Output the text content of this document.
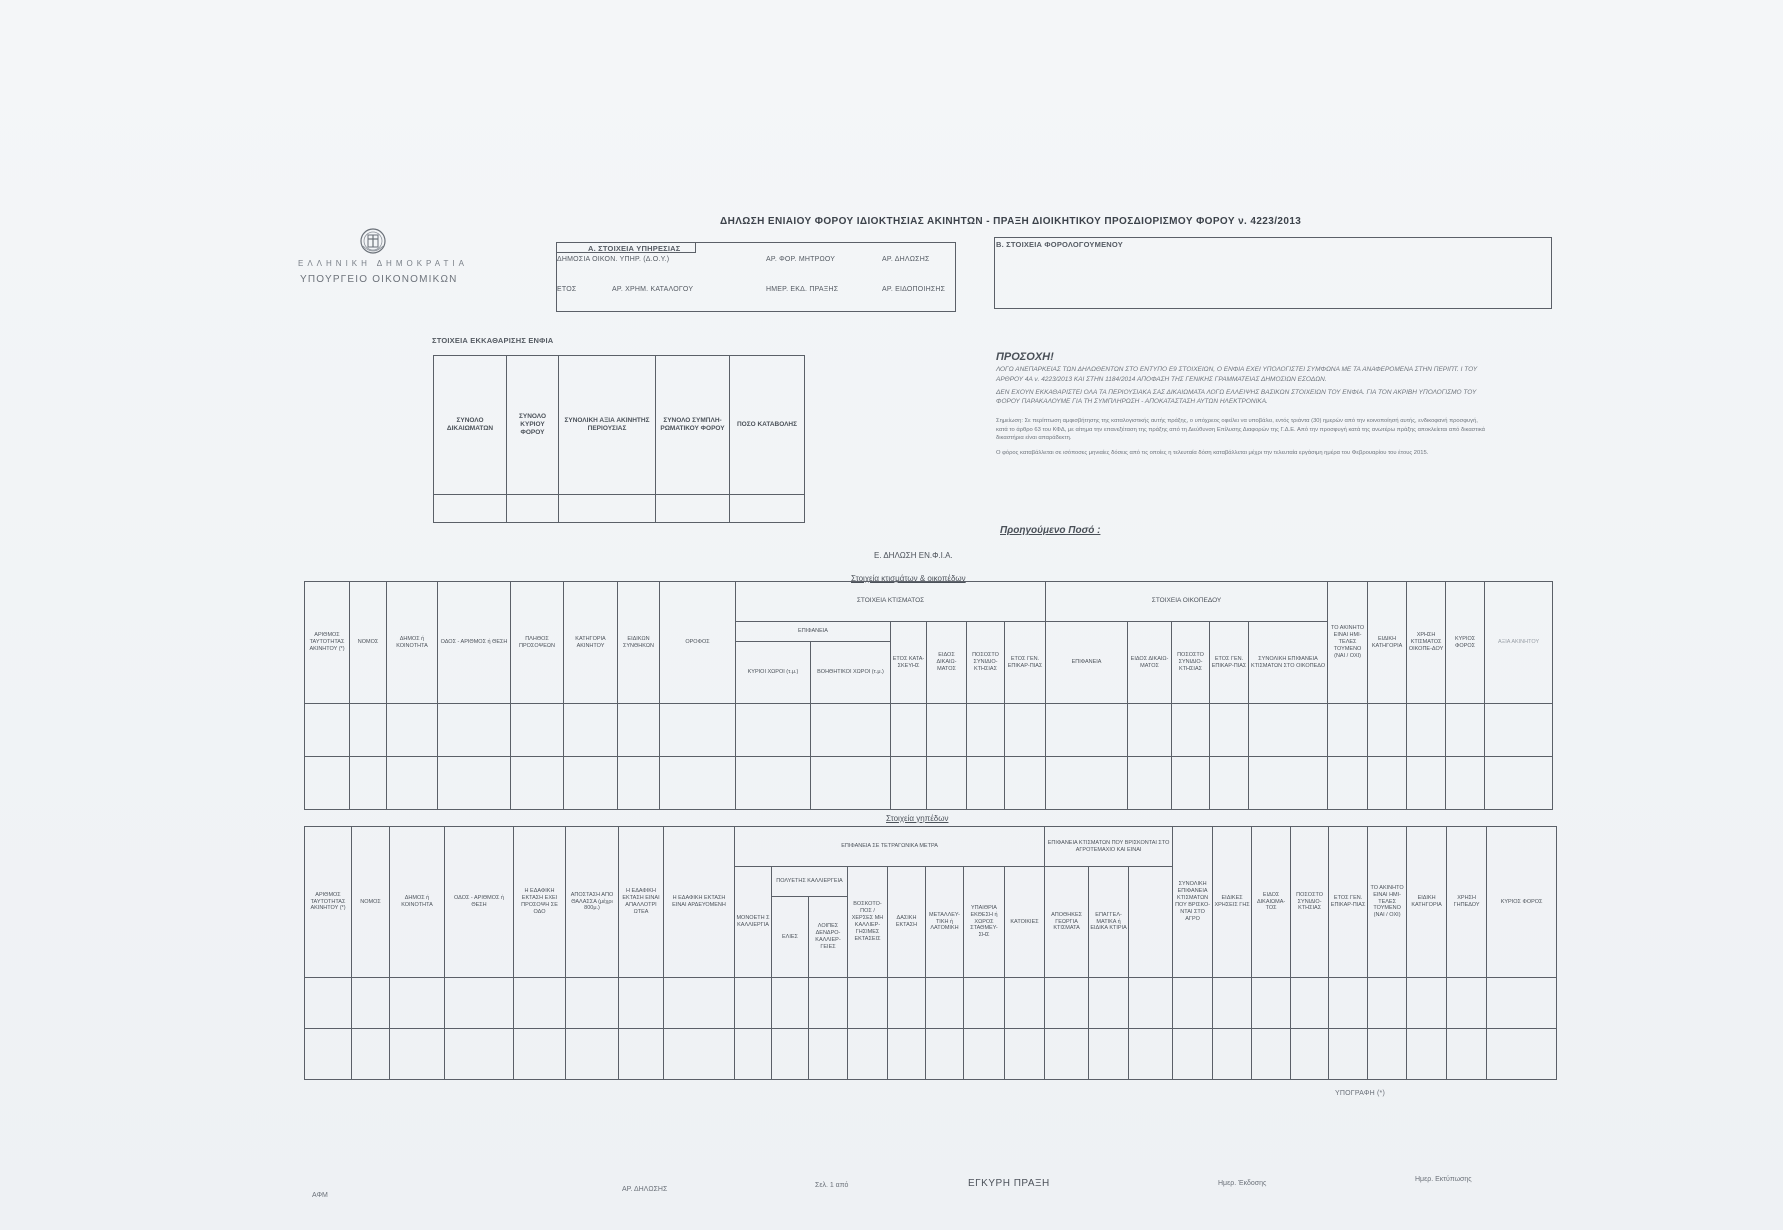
ΕΛΛΗΝΙΚΗ ΔΗΜΟΚΡΑΤΙΑ
ΥΠΟΥΡΓΕΙΟ ΟΙΚΟΝΟΜΙΚΩΝ
ΔΗΛΩΣΗ ΕΝΙΑΙΟΥ ΦΟΡΟΥ ΙΔΙΟΚΤΗΣΙΑΣ ΑΚΙΝΗΤΩΝ - ΠΡΑΞΗ ΔΙΟΙΚΗΤΙΚΟΥ ΠΡΟΣΔΙΟΡΙΣΜΟΥ ΦΟΡΟΥ ν. 4223/2013
Α. ΣΤΟΙΧΕΙΑ ΥΠΗΡΕΣΙΑΣ
ΔΗΜΟΣΙΑ ΟΙΚΟΝ. ΥΠΗΡ. (Δ.Ο.Υ.)	ΑΡ. ΦΟΡ. ΜΗΤΡΩΟΥ	ΑΡ. ΔΗΛΩΣΗΣ
ΕΤΟΣ	ΑΡ. ΧΡΗΜ. ΚΑΤΑΛΟΓΟΥ	ΗΜΕΡ. ΕΚΔ. ΠΡΑΞΗΣ	ΑΡ. ΕΙΔΟΠΟΙΗΣΗΣ
Β. ΣΤΟΙΧΕΙΑ ΦΟΡΟΛΟΓΟΥΜΕΝΟΥ
ΣΤΟΙΧΕΙΑ ΕΚΚΑΘΑΡΙΣΗΣ ΕΝΦΙΑ
ΣΥΝΟΛΟ ΔΙΚΑΙΩΜΑΤΩΝ	ΣΥΝΟΛΟ ΚΥΡΙΟΥ ΦΟΡΟΥ	ΣΥΝΟΛΙΚΗ ΑΞΙΑ ΑΚΙΝΗΤΗΣ ΠΕΡΙΟΥΣΙΑΣ	ΣΥΝΟΛΟ ΣΥΜΠΛΗ-ΡΩΜΑΤΙΚΟΥ ΦΟΡΟΥ	ΠΟΣΟ ΚΑΤΑΒΟΛΗΣ

ΠΡΟΣΟΧΗ!

ΛΟΓΩ ΑΝΕΠΑΡΚΕΙΑΣ ΤΩΝ ΔΗΛΩΘΕΝΤΩΝ ΣΤΟ ΕΝΤΥΠΟ Ε9 ΣΤΟΙΧΕΙΩΝ, Ο ΕΝΦΙΑ ΕΧΕΙ ΥΠΟΛΟΓΙΣΤΕΙ ΣΥΜΦΩΝΑ ΜΕ ΤΑ ΑΝΑΦΕΡΟΜΕΝΑ ΣΤΗΝ ΠΕΡΙΠΤ. Ι ΤΟΥ ΑΡΘΡΟΥ 4Α ν. 4223/2013 ΚΑΙ ΣΤΗΝ 1184/2014 ΑΠΟΦΑΣΗ ΤΗΣ ΓΕΝΙΚΗΣ ΓΡΑΜΜΑΤΕΙΑΣ ΔΗΜΟΣΙΩΝ ΕΣΟΔΩΝ.

ΔΕΝ ΕΧΟΥΝ ΕΚΚΑΘΑΡΙΣΤΕΙ ΟΛΑ ΤΑ ΠΕΡΙΟΥΣΙΑΚΑ ΣΑΣ ΔΙΚΑΙΩΜΑΤΑ ΛΟΓΩ ΕΛΛΕΙΨΗΣ ΒΑΣΙΚΩΝ ΣΤΟΙΧΕΙΩΝ ΤΟΥ ΕΝΦΙΑ. ΓΙΑ ΤΟΝ ΑΚΡΙΒΗ ΥΠΟΛΟΓΙΣΜΟ ΤΟΥ ΦΟΡΟΥ ΠΑΡΑΚΑΛΟΥΜΕ ΓΙΑ ΤΗ ΣΥΜΠΛΗΡΩΣΗ - ΑΠΟΚΑΤΑΣΤΑΣΗ ΑΥΤΩΝ ΗΛΕΚΤΡΟΝΙΚΑ.

Σημείωση: Σε περίπτωση αμφισβήτησης της καταλογιστικής αυτής πράξης, ο υπόχρεος οφείλει να υποβάλει, εντός τριάντα (30) ημερών από την κοινοποίησή αυτής, ενδικοφανή προσφυγή, κατά το άρθρο 63 του ΚΦΔ, με αίτημα την επανεξέταση της πράξης από τη Διεύθυνση Επίλυσης Διαφορών της Γ.Δ.Ε. Από την προσφυγή κατά της ανωτέρω πράξης αποκλείεται από δικαστικά δικαστήρια είναι απαράδεκτη.

Ο φόρος καταβάλλεται σε ισόποσες μηνιαίες δόσεις από τις οποίες η τελευταία δόση καταβάλλεται μέχρι την τελευταία εργάσιμη ημέρα του Φεβρουαρίου του έτους 2015.

Προηγούμενο Ποσό :
Ε. ΔΗΛΩΣΗ ΕΝ.Φ.Ι.Α.
Στοιχεία κτισμάτων & οικοπέδων
ΑΡΙΘΜΟΣ ΤΑΥΤΟΤΗΤΑΣ ΑΚΙΝΗΤΟΥ (*)	ΝΟΜΟΣ	ΔΗΜΟΣ ή ΚΟΙΝΟΤΗΤΑ	ΟΔΟΣ - ΑΡΙΘΜΟΣ ή ΘΕΣΗ	ΠΛΗΘΟΣ ΠΡΟΣΟΨΕΩΝ	ΚΑΤΗΓΟΡΙΑ ΑΚΙΝΗΤΟΥ	ΕΙΔΙΚΩΝ ΣΥΝΘΗΚΩΝ	ΟΡΟΦΟΣ	ΣΤΟΙΧΕΙΑ ΚΤΙΣΜΑΤΟΣ						ΣΤΟΙΧΕΙΑ ΟΙΚΟΠΕΔΟΥ					ΤΟ ΑΚΙΝΗΤΟ ΕΙΝΑΙ ΗΜΙ-ΤΕΛΕΣ ΤΟΥΜΕΝΟ (ΝΑΙ / ΟΧΙ)	ΕΙΔΙΚΗ ΚΑΤΗΓΟΡΙΑ	ΧΡΗΣΗ ΚΤΙΣΜΑΤΟΣ ΟΙΚΟΠΕ-ΔΟΥ	ΚΥΡΙΟΣ ΦΟΡΟΣ	ΑΞΙΑ ΑΚΙΝΗΤΟΥ
								ΕΠΙΦΑΝΕΙΑ		ΕΤΟΣ ΚΑΤΑ-ΣΚΕΥΗΣ	ΕΙΔΟΣ ΔΙΚΑΙΩ-ΜΑΤΟΣ	ΠΟΣΟΣΤΟ ΣΥΝΙΔΙΟ-ΚΤΗΣΙΑΣ	ΕΤΟΣ ΓΕΝ. ΕΠΙΚΑΡ-ΠΙΑΣ	ΕΠΙΦΑΝΕΙΑ	ΕΙΔΟΣ ΔΙΚΑΙΩ-ΜΑΤΟΣ	ΠΟΣΟΣΤΟ ΣΥΝΙΔΙΟ-ΚΤΗΣΙΑΣ	ΕΤΟΣ ΓΕΝ. ΕΠΙΚΑΡ-ΠΙΑΣ	ΣΥΝΟΛΙΚΗ ΕΠΙΦΑΝΕΙΑ ΚΤΙΣΜΑΤΩΝ ΣΤΟ ΟΙΚΟΠΕΔΟ					
								ΚΥΡΙΟΙ ΧΩΡΟΙ (τ.μ.)	ΒΟΗΘΗΤΙΚΟΙ ΧΩΡΟΙ (τ.μ.)														

Στοιχεία γηπέδων
ΑΡΙΘΜΟΣ ΤΑΥΤΟΤΗΤΑΣ ΑΚΙΝΗΤΟΥ (*)	ΝΟΜΟΣ	ΔΗΜΟΣ ή ΚΟΙΝΟΤΗΤΑ	ΟΔΟΣ - ΑΡΙΘΜΟΣ ή ΘΕΣΗ	Η ΕΔΑΦΙΚΗ ΕΚΤΑΣΗ ΕΧΕΙ ΠΡΟΣΟΨΗ ΣΕ ΟΔΟ	ΑΠΟΣΤΑΣΗ ΑΠΟ ΘΑΛΑΣΣΑ (μέχρι 800μ.)	Η ΕΔΑΦΙΚΗ ΕΚΤΑΣΗ ΕΙΝΑΙ ΑΠΑΛΛΟΤΡΙ ΩΤΕΑ	Η ΕΔΑΦΙΚΗ ΕΚΤΑΣΗ ΕΙΝΑΙ ΑΡΔΕΥΟΜΕΝΗ	ΕΠΙΦΑΝΕΙΑ ΣΕ ΤΕΤΡΑΓΩΝΙΚΑ ΜΕΤΡΑ								ΕΠΙΦΑΝΕΙΑ ΚΤΙΣΜΑΤΩΝ ΠΟΥ ΒΡΙΣΚΟΝΤΑΙ ΣΤΟ ΑΓΡΟΤΕΜΑΧΙΟ ΚΑΙ ΕΙΝΑΙ			ΣΥΝΟΛΙΚΗ ΕΠΙΦΑΝΕΙΑ ΚΤΙΣΜΑΤΩΝ ΠΟΥ ΒΡΙΣΚΟ-ΝΤΑΙ ΣΤΟ ΑΓΡΟ	ΕΙΔΙΚΕΣ ΧΡΗΣΕΙΣ ΓΗΣ	ΕΙΔΟΣ ΔΙΚΑΙΩΜΑ-ΤΟΣ	ΠΟΣΟΣΤΟ ΣΥΝΙΔΙΟ-ΚΤΗΣΙΑΣ	ΕΤΟΣ ΓΕΝ. ΕΠΙΚΑΡ-ΠΙΑΣ	ΤΟ ΑΚΙΝΗΤΟ ΕΙΝΑΙ ΗΜΙ-ΤΕΛΕΣ ΤΟΥΜΕΝΟ (ΝΑΙ / ΟΧΙ)	ΕΙΔΙΚΗ ΚΑΤΗΓΟΡΙΑ	ΧΡΗΣΗ ΓΗΠΕΔΟΥ	ΚΥΡΙΟΣ ΦΟΡΟΣ	
								ΜΟΝΟΕΤΗ Σ ΚΑΛΛΙΕΡΓΙΑ	ΠΟΛΥΕΤΗΣ ΚΑΛΛΙΕΡΓΕΙΑ		ΒΟΣΚΟΤΟ-ΠΟΣ / ΧΕΡΣΕΣ ΜΗ ΚΑΛΛΙΕΡ-ΓΗΣΙΜΕΣ ΕΚΤΑΣΕΙΣ	ΔΑΣΙΚΗ ΕΚΤΑΣΗ	ΜΕΤΑΛΛΕΥ-ΤΙΚΗ ή ΛΑΤΟΜΙΚΗ	ΥΠΑΙΘΡΙΑ ΕΚΘΕΣΗ ή ΧΩΡΟΣ ΣΤΑΘΜΕΥ-ΣΗΣ	ΚΑΤΟΙΚΙΕΣ	ΑΠΟΘΗΚΕΣ ΓΕΩΡΓΙΑ ΚΤΙΣΜΑΤΑ	ΕΠΑΓΓΕΛ-ΜΑΤΙΚΑ ή ΕΙΔΙΚΑ ΚΤΙΡΙΑ											
									ΕΛΙΕΣ	ΛΟΙΠΕΣ ΔΕΝΔΡΟ-ΚΑΛΛΙΕΡ-ΓΕΙΕΣ																		

ΥΠΟΓΡΑΦΗ (*)
ΑΦΜ
ΑΡ. ΔΗΛΩΣΗΣ
Σελ. 1 από	ΕΓΚΥΡΗ ΠΡΑΞΗ	Ημερ. Έκδοσης
Ημερ. Εκτύπωσης
